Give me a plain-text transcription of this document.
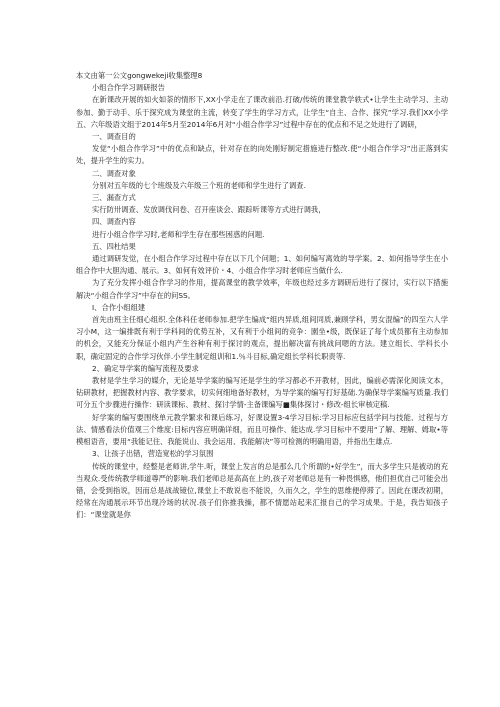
本文由第一公文gongwekeji收集整理8

小组合作学习调研报告

在新课改开展的如火如荼的情形下,XX小学走在了课改前沿.打破/传统的课堂教学轶式•让学生主动学习、主动参加、勤于动手、乐于探究成为课堂的主流，转变了学生的学习方式，让学生“自主、合作、探究”学习.我们XX小学五、六年级语文组于2014年5月至2014年6月对“小组合作学习”过程中存在的优点和不足之处进行了调研，

一、调查目的

发觉“小组合作学习”中的优点和缺点，针对存在的向处刚好制定措施进行整改.使“小组合作学习”出正落到实处，提升学生的实力。

二、调查对象

分别对五年级的七个班级及六年级三个班的老师和学生进行了调查.

三、漏查方式

实行防卅调查、发放调伐问卷、召开座谈会、跟踪听课等方式进行调我，

四、调查内容

进行小组合作学习时,老师和学生存在那些困惑的问题.

五、四杜结果

通过调研发觉，在小组合作学习过程中存在以下几个问题；1、如何编写离效的导学案。2、如何指导学生在小组合作中大胆沟通、展示。3、如何有效评价・4、小组合作学习时老师应当做什么.

为了充分发挥小组合作学习的作用，提高课堂的教学效率，年级也经过多方调研后进行了探讨，实行以下措施解决“小组合作学习”中存在的问SS。

I、合作小组组建

首先由班主任细心组织.全体科任老师参加.把学生编成“组内异质,组间同质,兼顾学科，男女混编”的四至六人学习小M，这一编排既有利于学科间的优势互补，又有利于小组间的竞争：園坐•级，既保证了每个成员都有主动参加的机会，又能充分保证小组内产生谷种有利于探讨的观点，提出解决富有挑战问嗯的方法。建立组长、学科长小职，确定固定的合作学习伙伴.小学生制定组训和1.％斗目标,确定组长学科长职责等.

2、确定导学案的编写流程及要求

教材是学生学习的媒介，无论是导学案的编写还是学生的学习都必不开教材，因此，编前必需深化阅读文本，钻研教材，把握教材内容、教学要求，切实何细地备好教材，为导学案的编写打好基础.为确保导学案编写质量.我们可分五个步骤进行操作：研读课标、教材、探讨学情-主备课编写■集体探讨・修改-组长审核定稿.

好学案的编写要围绕单元教学繁求和课后练习，好课设置3-4学习目标:学习目标应包括学问与技能、过程与方法、情感看法价值观三个维度:目标内容应明确详细，而且可操作、能达成.学习目标中不要用“了解、理解、姆取•等模相语音，要用“我能记住、我能说山、我会运用、我能解决”等可检测的明确用语，并指出生雄点.

3、让孩子出错，营造宽松的学习氛围

传统的课堂中，经整是老师讲,学牛.听，课堂上发言的总是那么几个所谓的•好学生”，而大多学生只是被动的充当观众.受传统教学师道尊严的影响.我们老师总是高高在上的,孩子对老师总是有一种畏惧感，他们担优自己可能会出错，会受到指说，因而总是战战镜位,课堂上不敢说也不能说，久而久之，学生的思维便停滞了。因此在课改初期，经常在沟通展示环节出现冷场的状况.孩子们你推我操，都不情愿站起来汇报自己的学习成果。于是，我告知孩子们：“课堂就是你
